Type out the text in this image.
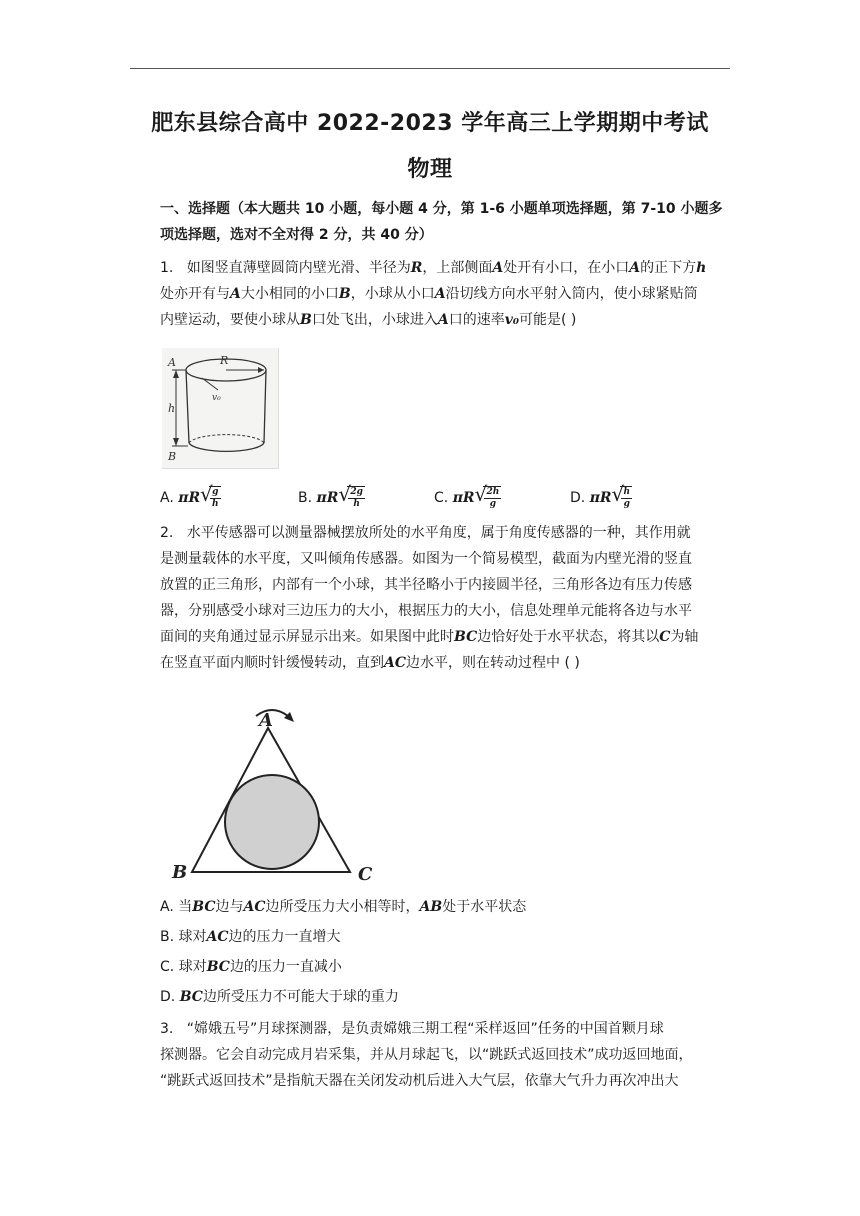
肥东县综合高中 2022-2023 学年高三上学期期中考试
物理
一、选择题（本大题共 10 小题，每小题 4 分，第 1-6 小题单项选择题，第 7-10 小题多项选择题，选对不全对得 2 分，共 40 分）
1. 如图竖直薄壁圆筒内壁光滑、半径为R，上部侧面A处开有小口，在小口A的正下方h
处亦开有与A大小相同的小口B，小球从小口A沿切线方向水平射入筒内，使小球紧贴筒
内壁运动，要使小球从B口处飞出，小球进入A口的速率v₀可能是( )
A	R
v₀
h
B
A. πR √ $\frac{g}{h}$	B. πR √ $\frac{2g}{h}$	C. πR √ $\frac{2h}{g}$	D. πR √ $\frac{h}{g}$
2. 水平传感器可以测量器械摆放所处的水平角度，属于角度传感器的一种，其作用就
是测量载体的水平度，又叫倾角传感器。如图为一个简易模型，截面为内壁光滑的竖直
放置的正三角形，内部有一个小球，其半径略小于内接圆半径，三角形各边有压力传感
器，分别感受小球对三边压力的大小，根据压力的大小，信息处理单元能将各边与水平
面间的夹角通过显示屏显示出来。如果图中此时BC边恰好处于水平状态，将其以C为轴
在竖直平面内顺时针缓慢转动，直到AC边水平，则在转动过程中 ( )
A
B	C
A. 当BC边与AC边所受压力大小相等时，AB处于水平状态
B. 球对AC边的压力一直增大
C. 球对BC边的压力一直减小
D. BC边所受压力不可能大于球的重力
3. “嫦娥五号”月球探测器，是负责嫦娥三期工程“采样返回”任务的中国首颗月球
探测器。它会自动完成月岩采集，并从月球起飞，以“跳跃式返回技术”成功返回地面，
“跳跃式返回技术”是指航天器在关闭发动机后进入大气层，依靠大气升力再次冲出大
